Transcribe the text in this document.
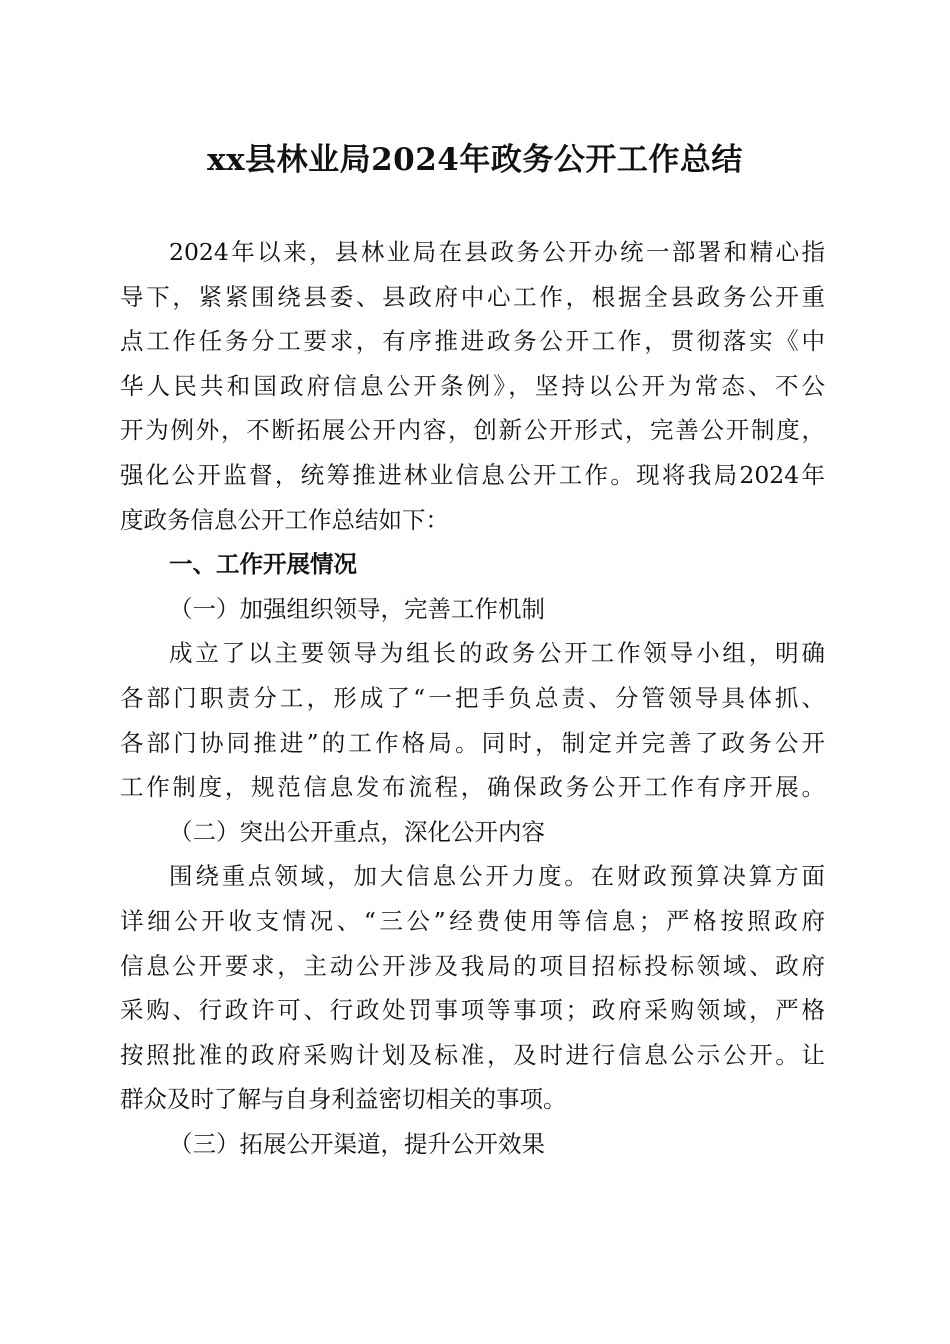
xx县林业局2024年政务公开工作总结
2024年以来，县林业局在县政务公开办统一部署和精心指
导下，紧紧围绕县委、县政府中心工作，根据全县政务公开重
点工作任务分工要求，有序推进政务公开工作，贯彻落实《中
华人民共和国政府信息公开条例》，坚持以公开为常态、不公
开为例外，不断拓展公开内容，创新公开形式，完善公开制度，
强化公开监督，统筹推进林业信息公开工作。现将我局2024年
度政务信息公开工作总结如下：
一、工作开展情况
（一）加强组织领导，完善工作机制
成立了以主要领导为组长的政务公开工作领导小组，明确
各部门职责分工，形成了“一把手负总责、分管领导具体抓、
各部门协同推进”的工作格局。同时，制定并完善了政务公开
工作制度，规范信息发布流程，确保政务公开工作有序开展。
（二）突出公开重点，深化公开内容
围绕重点领域，加大信息公开力度。在财政预算决算方面
详细公开收支情况、“三公”经费使用等信息；严格按照政府
信息公开要求，主动公开涉及我局的项目招标投标领域、政府
采购、行政许可、行政处罚事项等事项；政府采购领域，严格
按照批准的政府采购计划及标准，及时进行信息公示公开。让
群众及时了解与自身利益密切相关的事项。
（三）拓展公开渠道，提升公开效果
